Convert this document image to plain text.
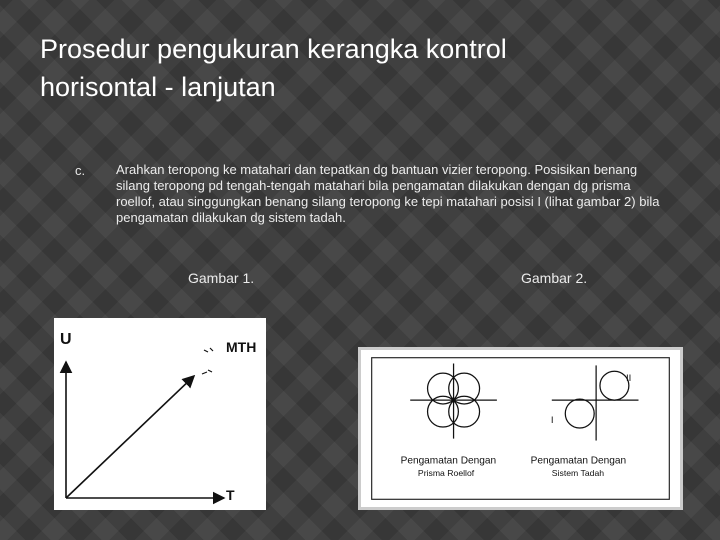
Prosedur pengukuran kerangka kontrol
horisontal - lanjutan
c. Arahkan teropong ke matahari dan tepatkan dg bantuan vizier teropong. Posisikan benang silang teropong pd tengah-tengah matahari bila pengamatan dilakukan dengan dg prisma roellof, atau singgungkan benang silang teropong ke tepi matahari posisi I (lihat gambar 2) bila pengamatan dilakukan dg sistem tadah.
Gambar 1.	Gambar 2.
U	MTH
T
II
I
Pengamatan Dengan
Prisma Roellof
Pengamatan Dengan
Sistem Tadah
